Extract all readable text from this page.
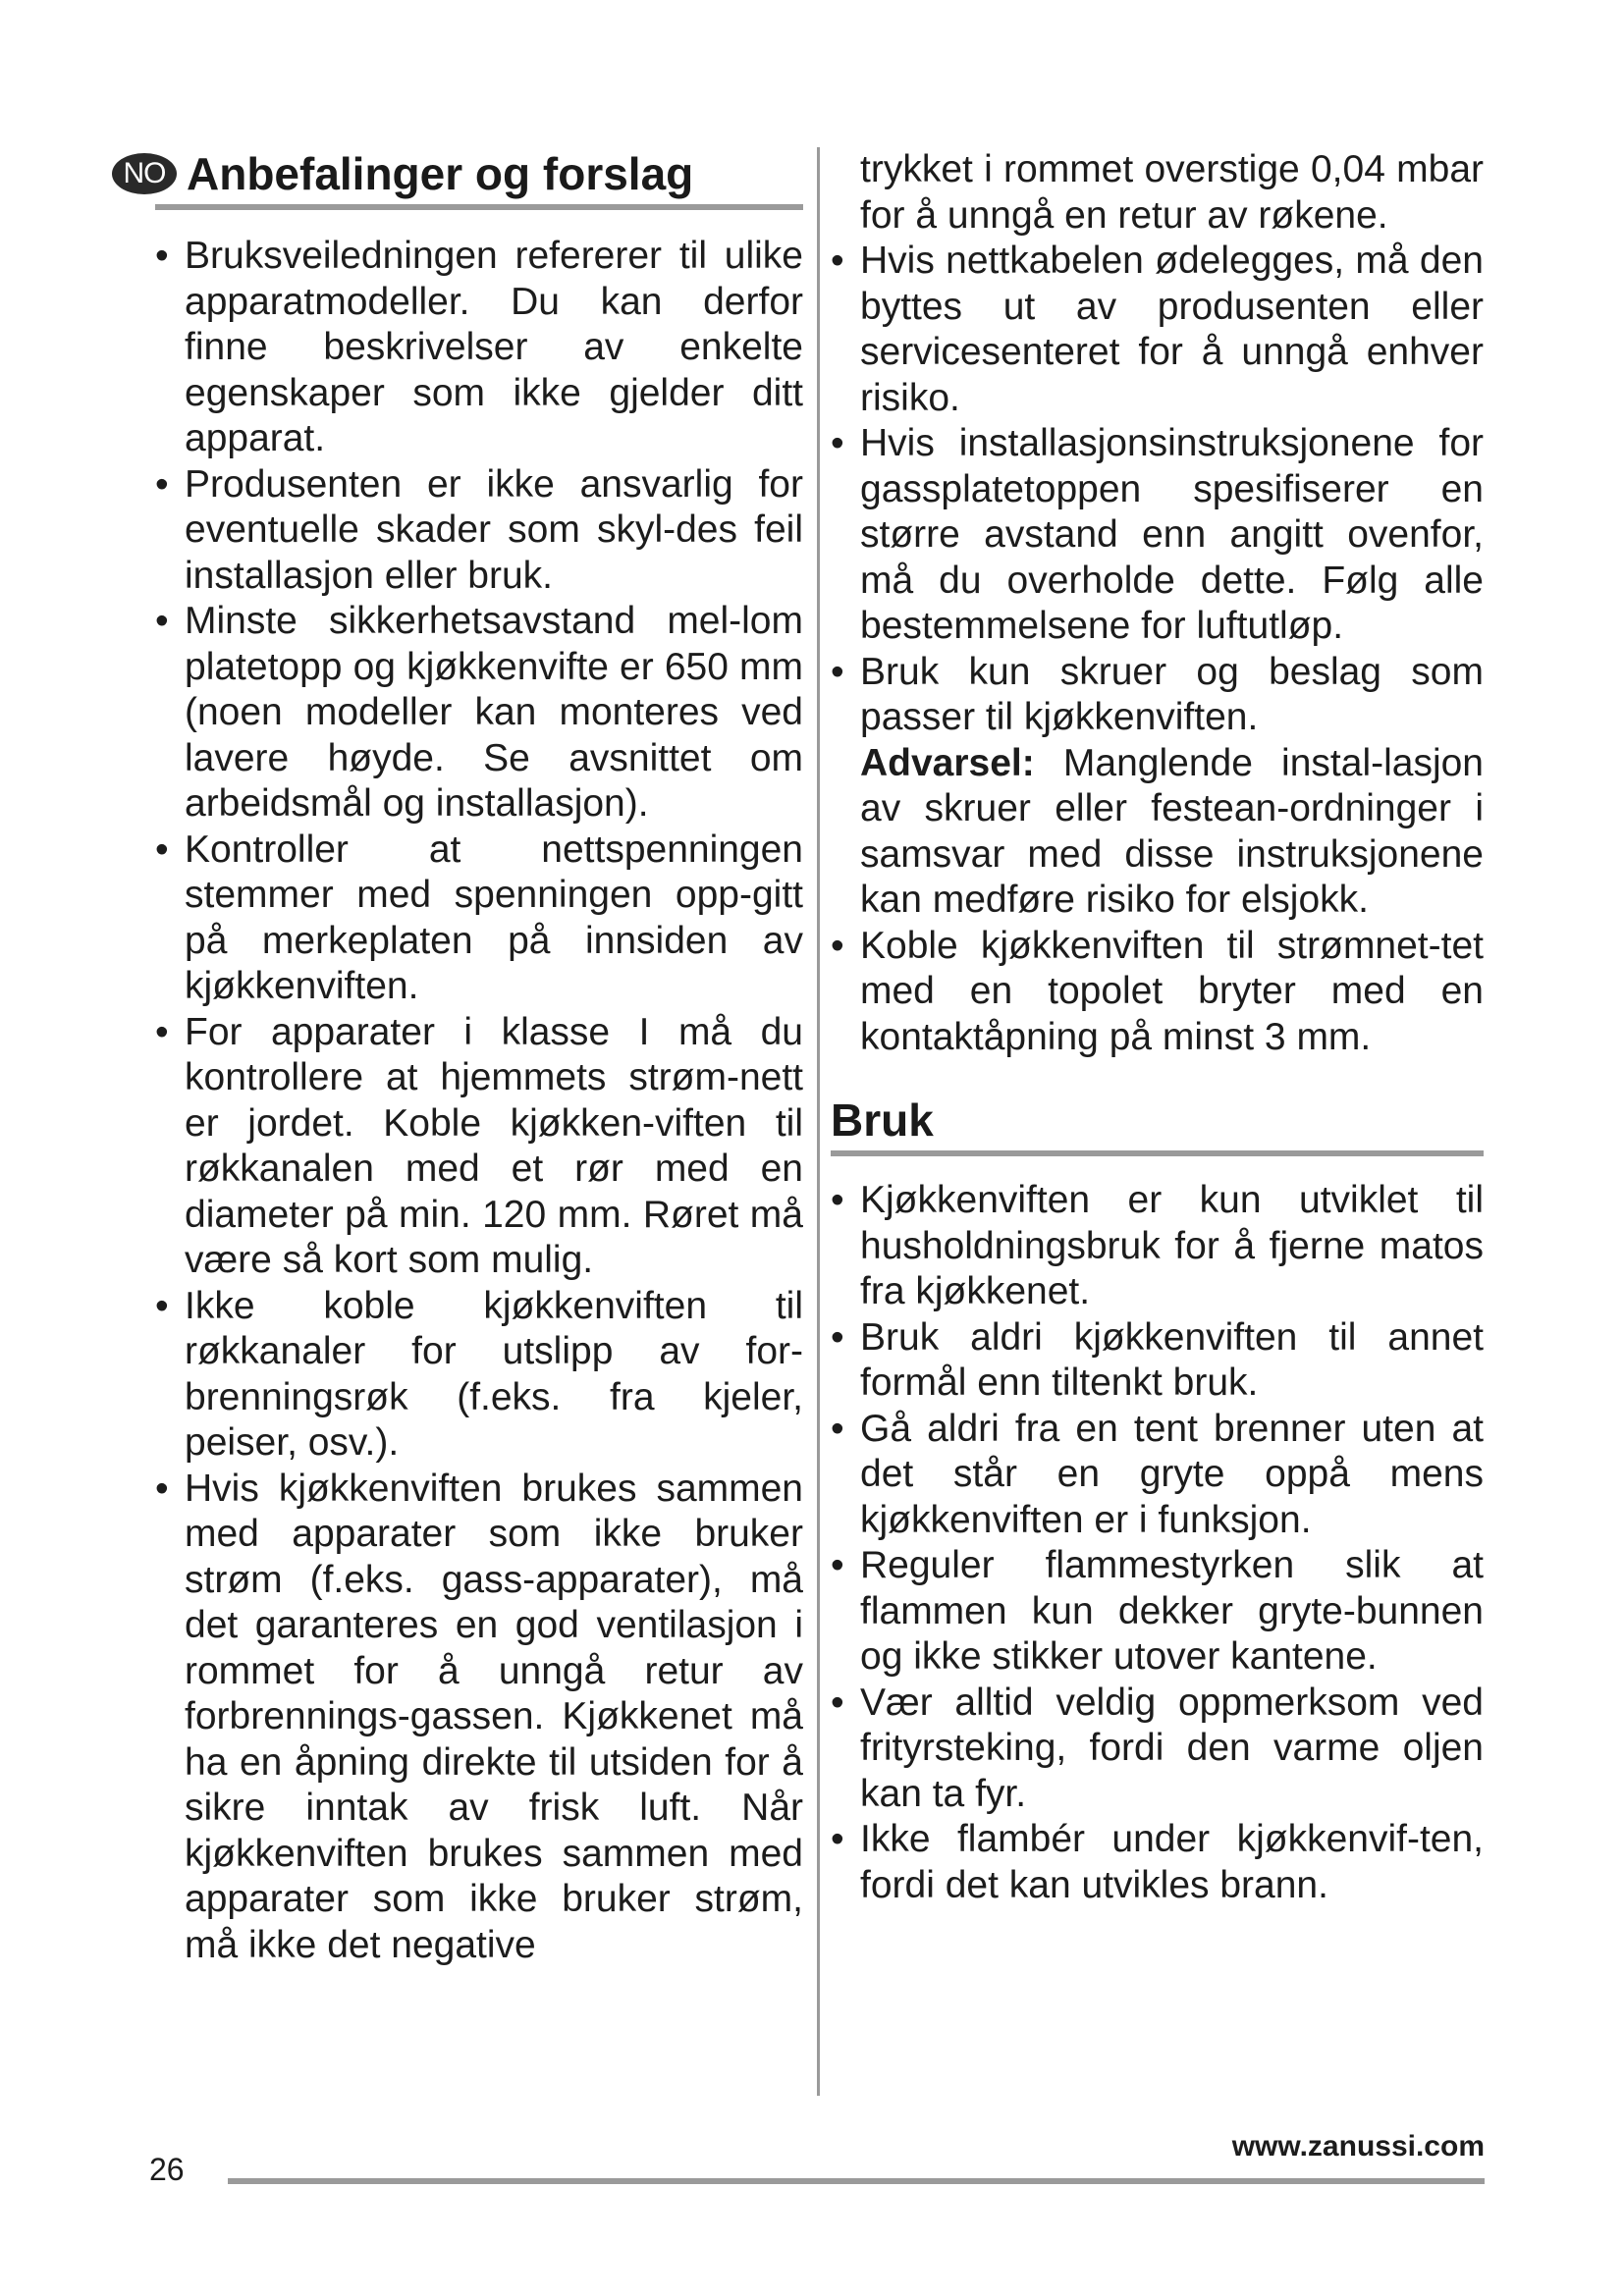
NO Anbefalinger og forslag
• Bruksveiledningen refererer til ulike apparatmodeller. Du kan derfor finne beskrivelser av enkelte egenskaper som ikke gjelder ditt apparat.
• Produsenten er ikke ansvarlig for eventuelle skader som skyl-des feil installasjon eller bruk.
• Minste sikkerhetsavstand mel-lom platetopp og kjøkkenvifte er 650 mm (noen modeller kan monteres ved lavere høyde. Se avsnittet om arbeidsmål og installasjon).
• Kontroller at nettspenningen stemmer med spenningen opp-gitt på merkeplaten på innsiden av kjøkkenviften.
• For apparater i klasse I må du kontrollere at hjemmets strøm-nett er jordet. Koble kjøkken-viften til røkkanalen med et rør med en diameter på min. 120 mm. Røret må være så kort som mulig.
• Ikke koble kjøkkenviften til røkkanaler for utslipp av for-brenningsrøk (f.eks. fra kjeler, peiser, osv.).
• Hvis kjøkkenviften brukes sammen med apparater som ikke bruker strøm (f.eks. gass-apparater), må det garanteres en god ventilasjon i rommet for å unngå retur av forbrennings-gassen. Kjøkkenet må ha en åpning direkte til utsiden for å sikre inntak av frisk luft. Når kjøkkenviften brukes sammen med apparater som ikke bruker strøm, må ikke det negative

trykket i rommet overstige 0,04 mbar for å unngå en retur av røkene.

• Hvis nettkabelen ødelegges, må den byttes ut av produsenten eller servicesenteret for å unngå enhver risiko.
• Hvis installasjonsinstruksjonene for gassplatetoppen spesifiserer en større avstand enn angitt ovenfor, må du overholde dette. Følg alle bestemmelsene for luftutløp.
• Bruk kun skruer og beslag som passer til kjøkkenviften.

Advarsel: Manglende instal-lasjon av skruer eller festean-ordninger i samsvar med disse instruksjonene kan medføre risiko for elsjokk.

• Koble kjøkkenviften til strømnet-tet med en topolet bryter med en kontaktåpning på minst 3 mm.
Bruk
• Kjøkkenviften er kun utviklet til husholdningsbruk for å fjerne matos fra kjøkkenet.
• Bruk aldri kjøkkenviften til annet formål enn tiltenkt bruk.
• Gå aldri fra en tent brenner uten at det står en gryte oppå mens kjøkkenviften er i funksjon.
• Reguler flammestyrken slik at flammen kun dekker gryte-bunnen og ikke stikker utover kantene.
• Vær alltid veldig oppmerksom ved frityrsteking, fordi den varme oljen kan ta fyr.
• Ikke flambér under kjøkkenvif-ten, fordi det kan utvikles brann.
26
www.zanussi.com
